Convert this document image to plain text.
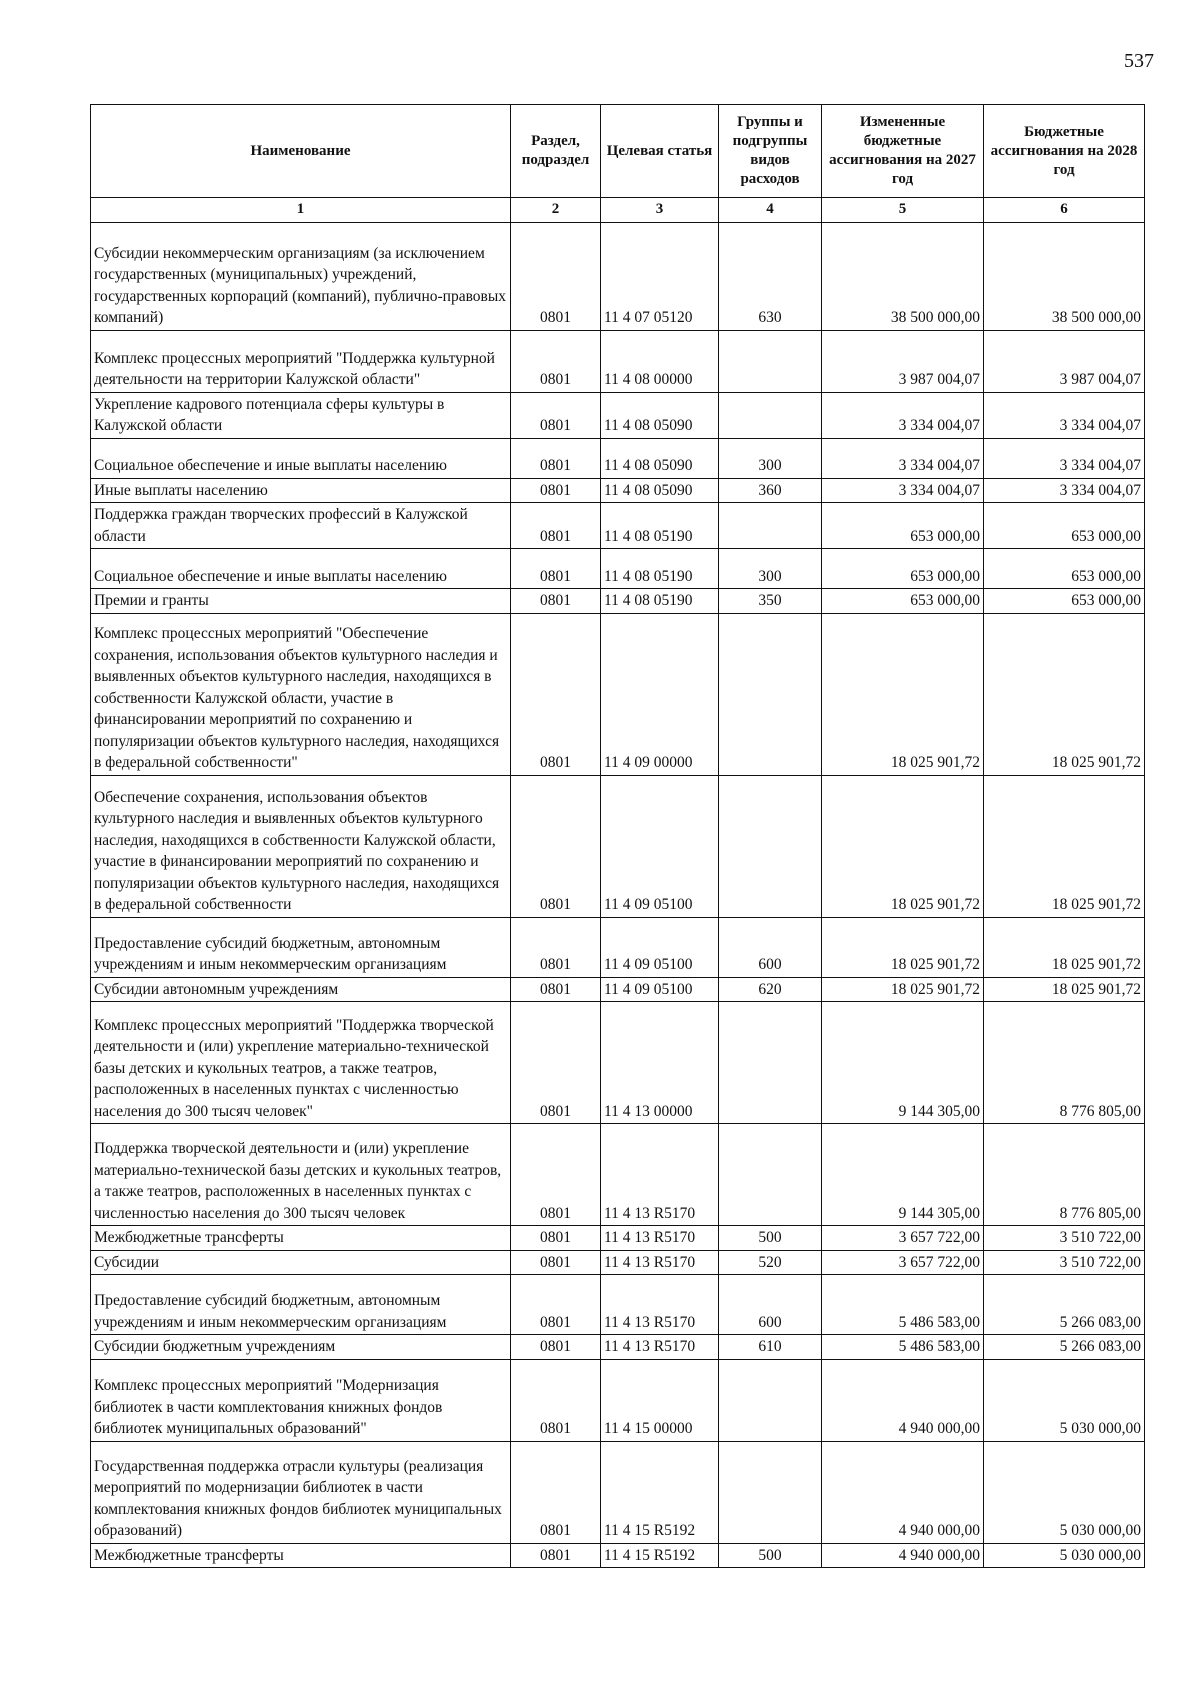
537
Наименование	Раздел, подраздел	Целевая статья	Группы и подгруппы видов расходов	Измененные бюджетные ассигнования на 2027 год	Бюджетные ассигнования на 2028 год
1	2	3	4	5	6
Субсидии некоммерческим организациям (за исключением государственных (муниципальных) учреждений, государственных корпораций (компаний), публично-правовых компаний)	0801	11 4 07 05120	630	38 500 000,00	38 500 000,00
Комплекс процессных мероприятий "Поддержка культурной деятельности на территории Калужской области"	0801	11 4 08 00000		3 987 004,07	3 987 004,07
Укрепление кадрового потенциала сферы культуры в Калужской области	0801	11 4 08 05090		3 334 004,07	3 334 004,07
Социальное обеспечение и иные выплаты населению	0801	11 4 08 05090	300	3 334 004,07	3 334 004,07
Иные выплаты населению	0801	11 4 08 05090	360	3 334 004,07	3 334 004,07
Поддержка граждан творческих профессий в Калужской области	0801	11 4 08 05190		653 000,00	653 000,00
Социальное обеспечение и иные выплаты населению	0801	11 4 08 05190	300	653 000,00	653 000,00
Премии и гранты	0801	11 4 08 05190	350	653 000,00	653 000,00
Комплекс процессных мероприятий "Обеспечение сохранения, использования объектов культурного наследия и выявленных объектов культурного наследия, находящихся в собственности Калужской области, участие в финансировании мероприятий по сохранению и популяризации объектов культурного наследия, находящихся в федеральной собственности"	0801	11 4 09 00000		18 025 901,72	18 025 901,72
Обеспечение сохранения, использования объектов культурного наследия и выявленных объектов культурного наследия, находящихся в собственности Калужской области, участие в финансировании мероприятий по сохранению и популяризации объектов культурного наследия, находящихся в федеральной собственности	0801	11 4 09 05100		18 025 901,72	18 025 901,72
Предоставление субсидий бюджетным, автономным учреждениям и иным некоммерческим организациям	0801	11 4 09 05100	600	18 025 901,72	18 025 901,72
Субсидии автономным учреждениям	0801	11 4 09 05100	620	18 025 901,72	18 025 901,72
Комплекс процессных мероприятий "Поддержка творческой деятельности и (или) укрепление материально-технической базы детских и кукольных театров, а также театров, расположенных в населенных пунктах с численностью населения до 300 тысяч человек"	0801	11 4 13 00000		9 144 305,00	8 776 805,00
Поддержка творческой деятельности и (или) укрепление материально-технической базы детских и кукольных театров, а также театров, расположенных в населенных пунктах с численностью населения до 300 тысяч человек	0801	11 4 13 R5170		9 144 305,00	8 776 805,00
Межбюджетные трансферты	0801	11 4 13 R5170	500	3 657 722,00	3 510 722,00
Субсидии	0801	11 4 13 R5170	520	3 657 722,00	3 510 722,00
Предоставление субсидий бюджетным, автономным учреждениям и иным некоммерческим организациям	0801	11 4 13 R5170	600	5 486 583,00	5 266 083,00
Субсидии бюджетным учреждениям	0801	11 4 13 R5170	610	5 486 583,00	5 266 083,00
Комплекс процессных мероприятий "Модернизация библиотек в части комплектования книжных фондов библиотек муниципальных образований"	0801	11 4 15 00000		4 940 000,00	5 030 000,00
Государственная поддержка отрасли культуры (реализация мероприятий по модернизации библиотек в части комплектования книжных фондов библиотек муниципальных образований)	0801	11 4 15 R5192		4 940 000,00	5 030 000,00
Межбюджетные трансферты	0801	11 4 15 R5192	500	4 940 000,00	5 030 000,00
